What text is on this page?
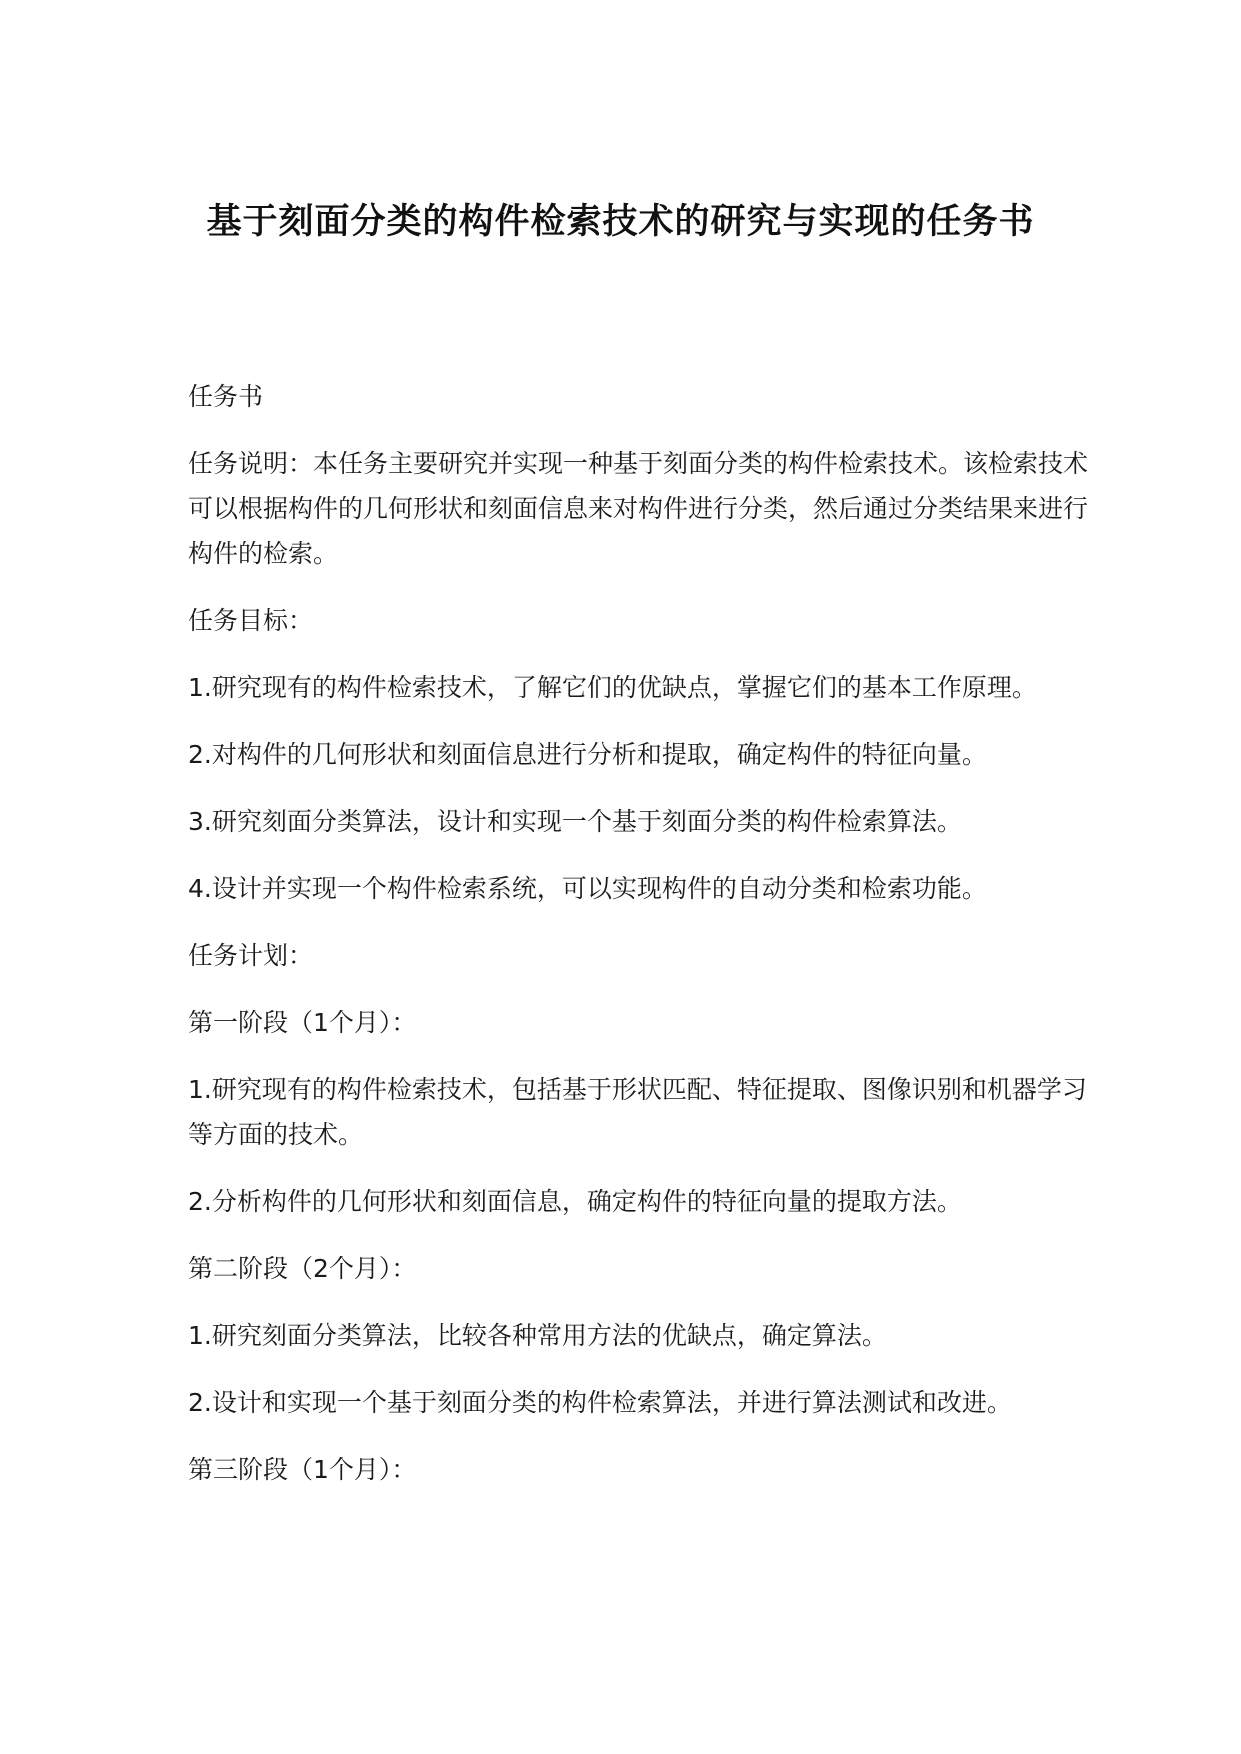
基于刻面分类的构件检索技术的研究与实现的任务书

任务书

任务说明：本任务主要研究并实现一种基于刻面分类的构件检索技术。该检索技术可以根据构件的几何形状和刻面信息来对构件进行分类，然后通过分类结果来进行构件的检索。

任务目标：

1.研究现有的构件检索技术，了解它们的优缺点，掌握它们的基本工作原理。

2.对构件的几何形状和刻面信息进行分析和提取，确定构件的特征向量。

3.研究刻面分类算法，设计和实现一个基于刻面分类的构件检索算法。

4.设计并实现一个构件检索系统，可以实现构件的自动分类和检索功能。

任务计划：

第一阶段（1个月）：

1.研究现有的构件检索技术，包括基于形状匹配、特征提取、图像识别和机器学习等方面的技术。

2.分析构件的几何形状和刻面信息，确定构件的特征向量的提取方法。

第二阶段（2个月）：

1.研究刻面分类算法，比较各种常用方法的优缺点，确定算法。

2.设计和实现一个基于刻面分类的构件检索算法，并进行算法测试和改进。

第三阶段（1个月）：
